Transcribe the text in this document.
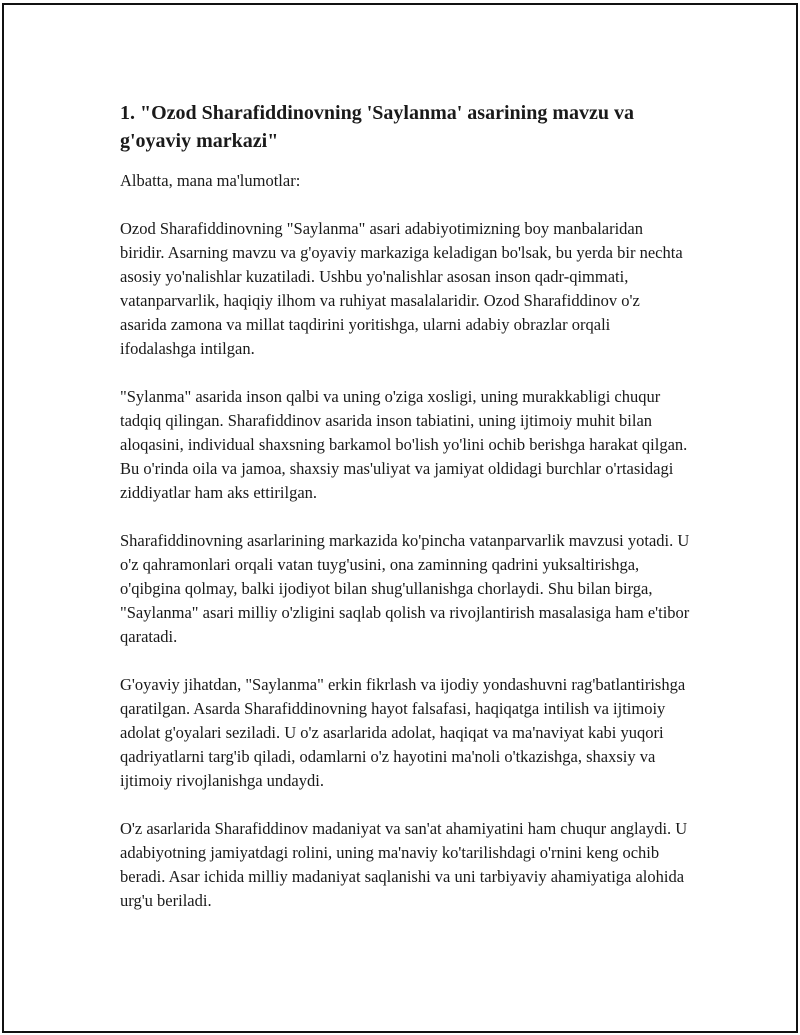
1. "Ozod Sharafiddinovning 'Saylanma' asarining mavzu va g'oyaviy markazi"

Albatta, mana ma'lumotlar:

Ozod Sharafiddinovning "Saylanma" asari adabiyotimizning boy manbalaridan biridir. Asarning mavzu va g'oyaviy markaziga keladigan bo'lsak, bu yerda bir nechta asosiy yo'nalishlar kuzatiladi. Ushbu yo'nalishlar asosan inson qadr-qimmati, vatanparvarlik, haqiqiy ilhom va ruhiyat masalalaridir. Ozod Sharafiddinov o'z asarida zamona va millat taqdirini yoritishga, ularni adabiy obrazlar orqali ifodalashga intilgan.

"Sylanma" asarida inson qalbi va uning o'ziga xosligi, uning murakkabligi chuqur tadqiq qilingan. Sharafiddinov asarida inson tabiatini, uning ijtimoiy muhit bilan aloqasini, individual shaxsning barkamol bo'lish yo'lini ochib berishga harakat qilgan. Bu o'rinda oila va jamoa, shaxsiy mas'uliyat va jamiyat oldidagi burchlar o'rtasidagi ziddiyatlar ham aks ettirilgan.

Sharafiddinovning asarlarining markazida ko'pincha vatanparvarlik mavzusi yotadi. U o'z qahramonlari orqali vatan tuyg'usini, ona zaminning qadrini yuksaltirishga, o'qibgina qolmay, balki ijodiyot bilan shug'ullanishga chorlaydi. Shu bilan birga, "Saylanma" asari milliy o'zligini saqlab qolish va rivojlantirish masalasiga ham e'tibor qaratadi.

G'oyaviy jihatdan, "Saylanma" erkin fikrlash va ijodiy yondashuvni rag'batlantirishga qaratilgan. Asarda Sharafiddinovning hayot falsafasi, haqiqatga intilish va ijtimoiy adolat g'oyalari seziladi. U o'z asarlarida adolat, haqiqat va ma'naviyat kabi yuqori qadriyatlarni targ'ib qiladi, odamlarni o'z hayotini ma'noli o'tkazishga, shaxsiy va ijtimoiy rivojlanishga undaydi.

O'z asarlarida Sharafiddinov madaniyat va san'at ahamiyatini ham chuqur anglaydi. U adabiyotning jamiyatdagi rolini, uning ma'naviy ko'tarilishdagi o'rnini keng ochib beradi. Asar ichida milliy madaniyat saqlanishi va uni tarbiyaviy ahamiyatiga alohida urg'u beriladi.
